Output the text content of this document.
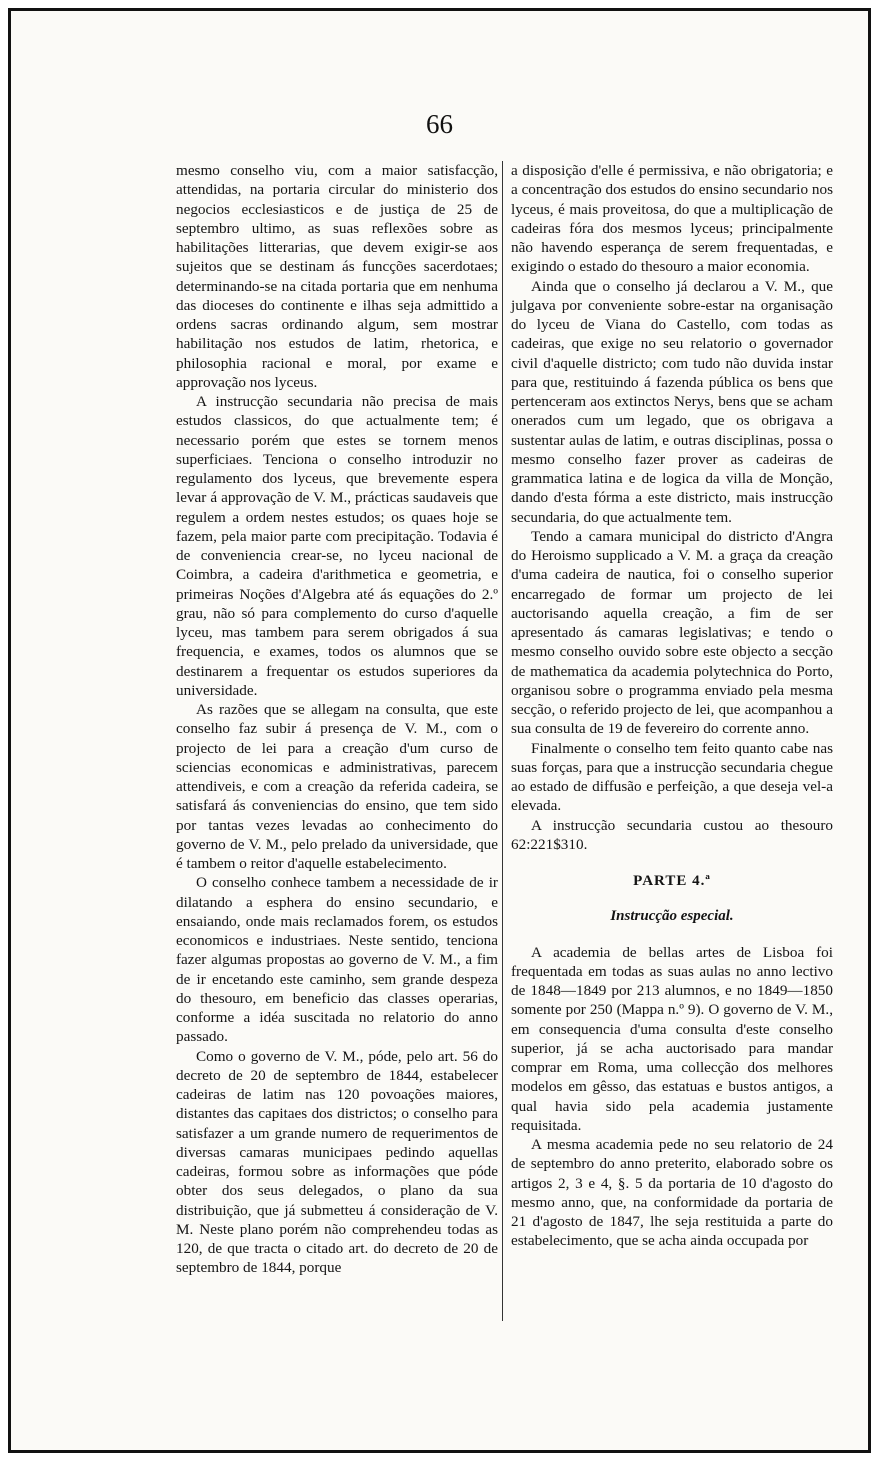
66

mesmo conselho viu, com a maior satisfacção, attendidas, na portaria circular do ministerio dos negocios ecclesiasticos e de justiça de 25 de septembro ultimo, as suas reflexões sobre as habilitações litterarias, que devem exigir-se aos sujeitos que se destinam ás funcções sacerdotaes; determinando-se na citada portaria que em nenhuma das dioceses do continente e ilhas seja admittido a ordens sacras ordinando algum, sem mostrar habilitação nos estudos de latim, rhetorica, e philosophia racional e moral, por exame e approvação nos lyceus.

A instrucção secundaria não precisa de mais estudos classicos, do que actualmente tem; é necessario porém que estes se tornem menos superficiaes. Tenciona o conselho introduzir no regulamento dos lyceus, que brevemente espera levar á approvação de V. M., prácticas saudaveis que regulem a ordem nestes estudos; os quaes hoje se fazem, pela maior parte com precipitação. Todavia é de conveniencia crear-se, no lyceu nacional de Coimbra, a cadeira d'arithmetica e geometria, e primeiras Noções d'Algebra até ás equações do 2.º grau, não só para complemento do curso d'aquelle lyceu, mas tambem para serem obrigados á sua frequencia, e exames, todos os alumnos que se destinarem a frequentar os estudos superiores da universidade.

As razões que se allegam na consulta, que este conselho faz subir á presença de V. M., com o projecto de lei para a creação d'um curso de sciencias economicas e administrativas, parecem attendiveis, e com a creação da referida cadeira, se satisfará ás conveniencias do ensino, que tem sido por tantas vezes levadas ao conhecimento do governo de V. M., pelo prelado da universidade, que é tambem o reitor d'aquelle estabelecimento.

O conselho conhece tambem a necessidade de ir dilatando a esphera do ensino secundario, e ensaiando, onde mais reclamados forem, os estudos economicos e industriaes. Neste sentido, tenciona fazer algumas propostas ao governo de V. M., a fim de ir encetando este caminho, sem grande despeza do thesouro, em beneficio das classes operarias, conforme a idéa suscitada no relatorio do anno passado.

Como o governo de V. M., póde, pelo art. 56 do decreto de 20 de septembro de 1844, estabelecer cadeiras de latim nas 120 povoações maiores, distantes das capitaes dos districtos; o conselho para satisfazer a um grande numero de requerimentos de diversas camaras municipaes pedindo aquellas cadeiras, formou sobre as informações que póde obter dos seus delegados, o plano da sua distribuição, que já submetteu á consideração de V. M. Neste plano porém não comprehendeu todas as 120, de que tracta o citado art. do decreto de 20 de septembro de 1844, porque

a disposição d'elle é permissiva, e não obrigatoria; e a concentração dos estudos do ensino secundario nos lyceus, é mais proveitosa, do que a multiplicação de cadeiras fóra dos mesmos lyceus; principalmente não havendo esperança de serem frequentadas, e exigindo o estado do thesouro a maior economia.

Ainda que o conselho já declarou a V. M., que julgava por conveniente sobre-estar na organisação do lyceu de Viana do Castello, com todas as cadeiras, que exige no seu relatorio o governador civil d'aquelle districto; com tudo não duvida instar para que, restituindo á fazenda pública os bens que pertenceram aos extinctos Nerys, bens que se acham onerados cum um legado, que os obrigava a sustentar aulas de latim, e outras disciplinas, possa o mesmo conselho fazer prover as cadeiras de grammatica latina e de logica da villa de Monção, dando d'esta fórma a este districto, mais instrucção secundaria, do que actualmente tem.

Tendo a camara municipal do districto d'Angra do Heroismo supplicado a V. M. a graça da creação d'uma cadeira de nautica, foi o conselho superior encarregado de formar um projecto de lei auctorisando aquella creação, a fim de ser apresentado ás camaras legislativas; e tendo o mesmo conselho ouvido sobre este objecto a secção de mathematica da academia polytechnica do Porto, organisou sobre o programma enviado pela mesma secção, o referido projecto de lei, que acompanhou a sua consulta de 19 de fevereiro do corrente anno.

Finalmente o conselho tem feito quanto cabe nas suas forças, para que a instrucção secundaria chegue ao estado de diffusão e perfeição, a que deseja vel-a elevada.

A instrucção secundaria custou ao thesouro 62:221$310.

PARTE 4.ª
Instrucção especial.

A academia de bellas artes de Lisboa foi frequentada em todas as suas aulas no anno lectivo de 1848—1849 por 213 alumnos, e no 1849—1850 somente por 250 (Mappa n.º 9). O governo de V. M., em consequencia d'uma consulta d'este conselho superior, já se acha auctorisado para mandar comprar em Roma, uma collecção dos melhores modelos em gêsso, das estatuas e bustos antigos, a qual havia sido pela academia justamente requisitada.

A mesma academia pede no seu relatorio de 24 de septembro do anno preterito, elaborado sobre os artigos 2, 3 e 4, §. 5 da portaria de 10 d'agosto do mesmo anno, que, na conformidade da portaria de 21 d'agosto de 1847, lhe seja restituida a parte do estabelecimento, que se acha ainda occupada por
